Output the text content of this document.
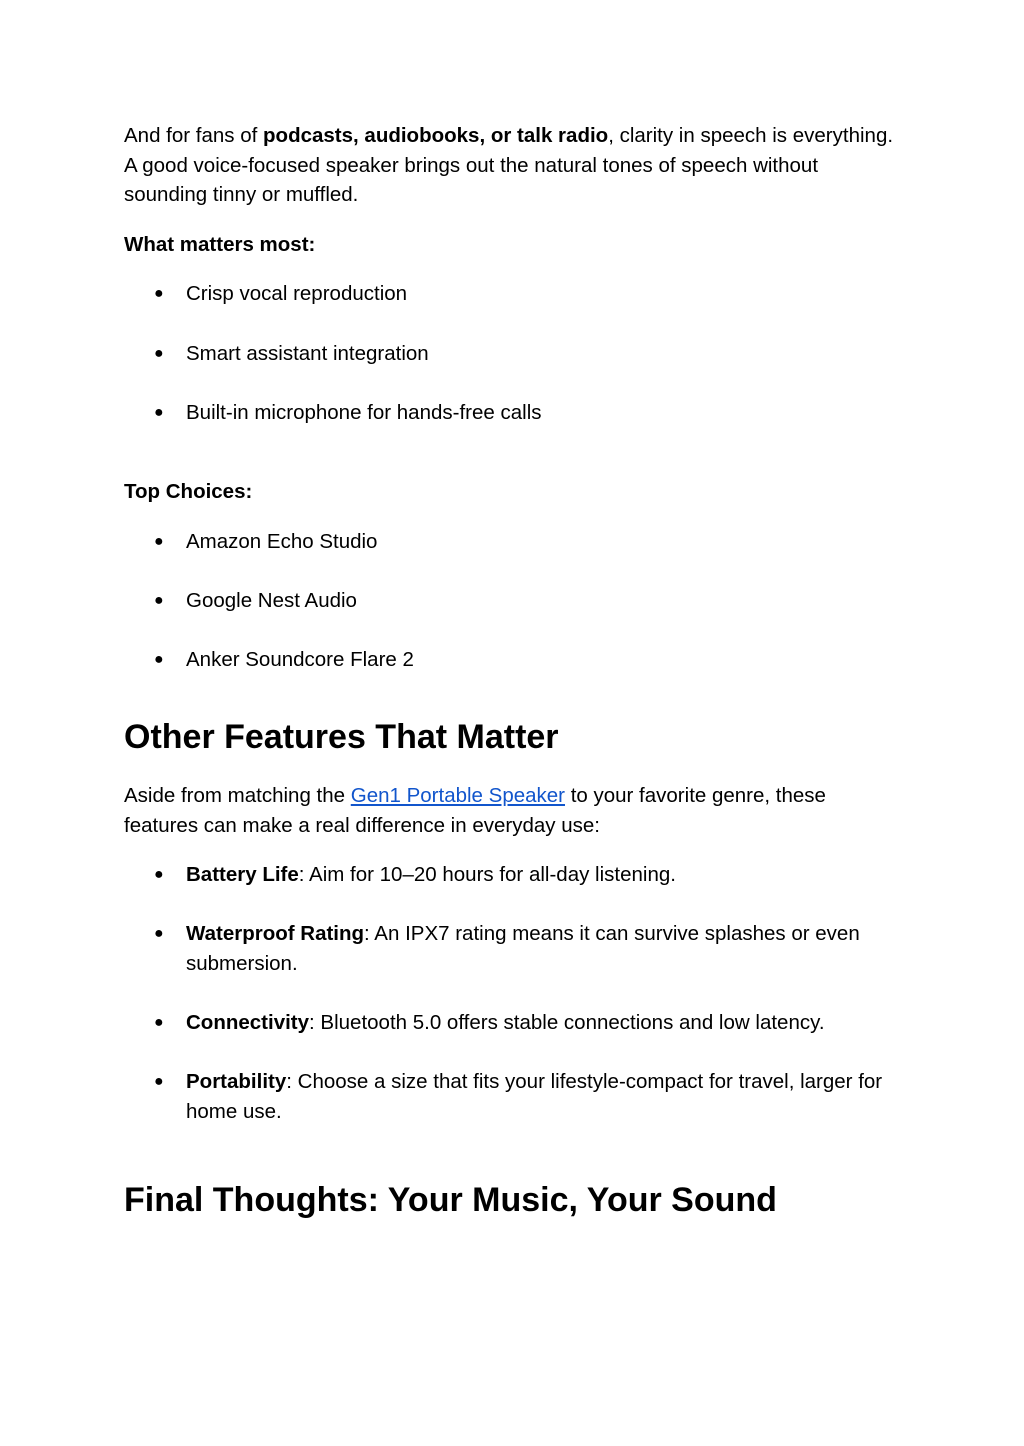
And for fans of podcasts, audiobooks, or talk radio, clarity in speech is everything. A good voice-focused speaker brings out the natural tones of speech without sounding tinny or muffled.

What matters most:

● Crisp vocal reproduction
● Smart assistant integration
● Built-in microphone for hands-free calls

Top Choices:

● Amazon Echo Studio
● Google Nest Audio
● Anker Soundcore Flare 2
Other Features That Matter

Aside from matching the Gen1 Portable Speaker to your favorite genre, these features can make a real difference in everyday use:

● Battery Life: Aim for 10–20 hours for all-day listening.
● Waterproof Rating: An IPX7 rating means it can survive splashes or even submersion.
● Connectivity: Bluetooth 5.0 offers stable connections and low latency.
● Portability: Choose a size that fits your lifestyle-compact for travel, larger for home use.
Final Thoughts: Your Music, Your Sound
